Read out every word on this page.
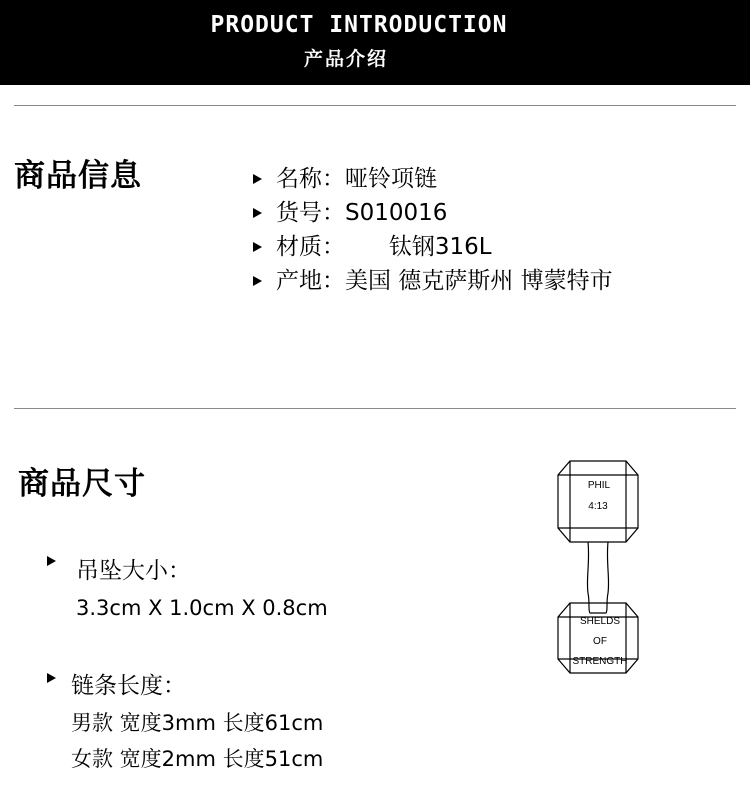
PRODUCT INTRODUCTION
产品介绍
商品信息	名称：哑铃项链
货号：S010016
材质：      钛钢316L
产地：美国 德克萨斯州 博蒙特市
商品尺寸
吊坠大小：
3.3cm X 1.0cm X 0.8cm
链条长度：
男款 宽度3mm 长度61cm
女款 宽度2mm 长度51cm
PHIL
4:13
SHELDS
OF
STRENGTH
